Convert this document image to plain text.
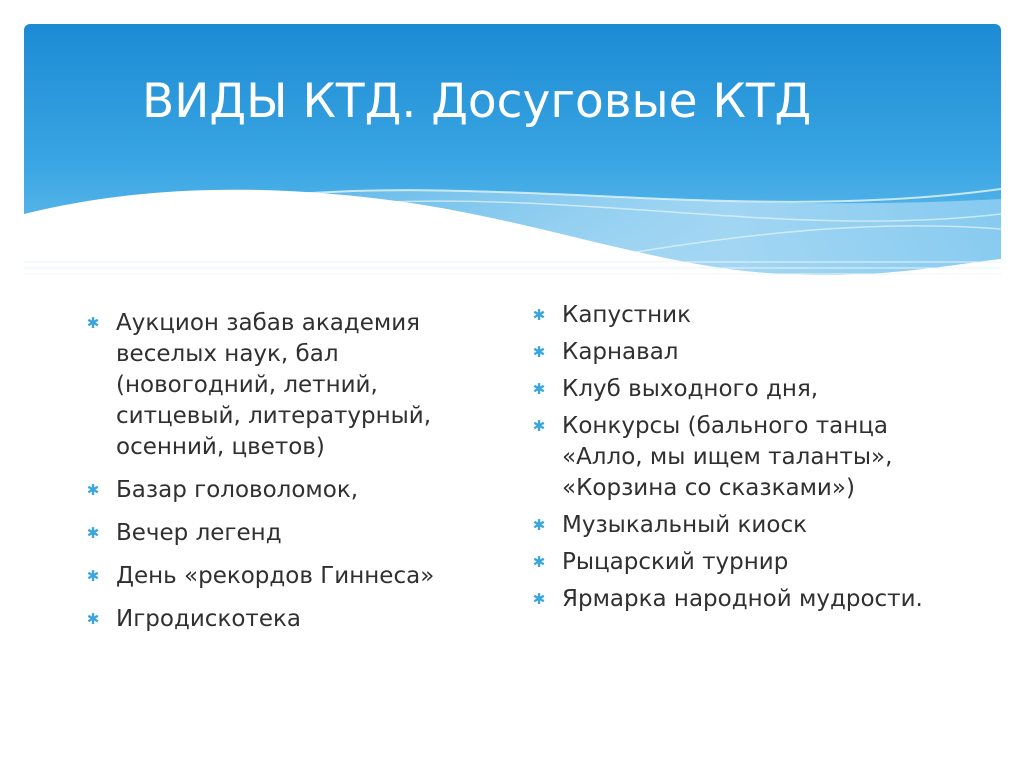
ВИДЫ КТД. Досуговые КТД
✱ Аукцион забав академия веселых наук, бал (новогодний, летний, ситцевый, литературный, осенний, цветов)
✱ Базар головоломок,
✱ Вечер легенд
✱ День «рекордов Гиннеса»
✱ Игродискотека
✱ Капустник
✱ Карнавал
✱ Клуб выходного дня,
✱ Конкурсы (бального танца «Алло, мы ищем таланты», «Корзина со сказками»)
✱ Музыкальный киоск
✱ Рыцарский турнир
✱ Ярмарка народной мудрости.
